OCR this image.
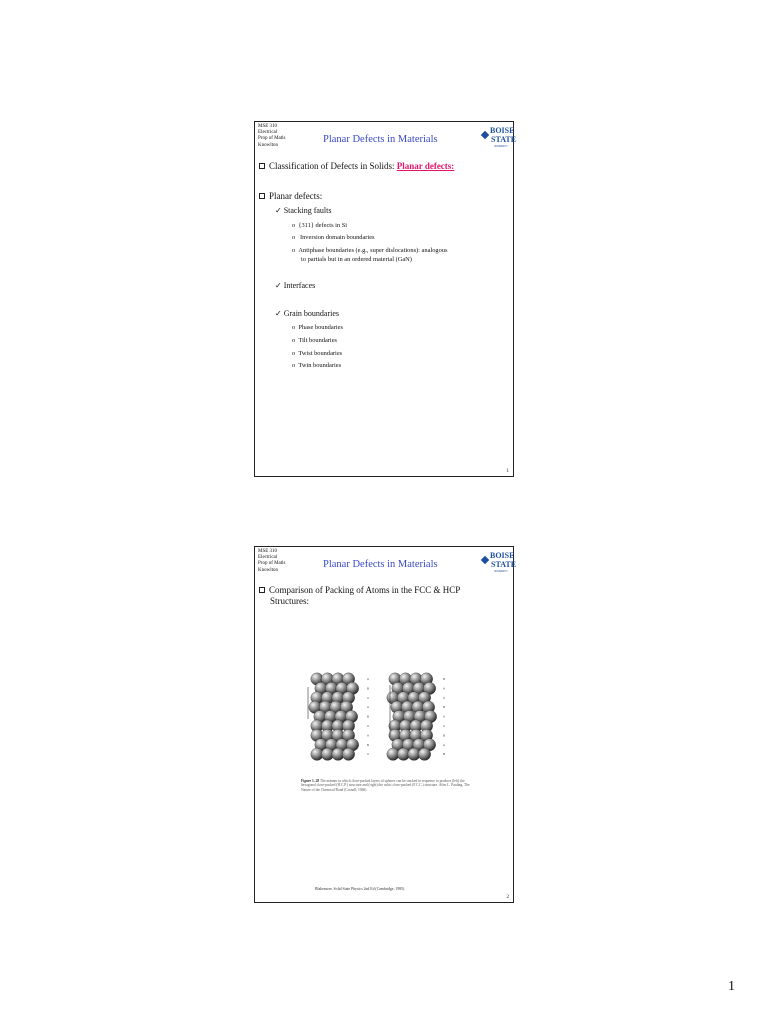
MSE 310
Electrical
Prop of Matls
Knowlton
Planar Defects in Materials
BOISE
STATE
UNIVERSITY
Classification of Defects in Solids: Planar defects:
Planar defects:
✓ Stacking faults
o  {311} defects in Si
o   Inversion domain boundaries
o  Antiphase boundaries (e.g., super dislocations): analogous
to partials but in an ordered material (GaN)
✓ Interfaces
✓ Grain boundaries
o  Phase boundaries
o  Tilt boundaries
o  Twist boundaries
o  Twin boundaries
1
MSE 310
Electrical
Prop of Matls
Knowlton
Planar Defects in Materials
BOISE
STATE
UNIVERSITY
Comparison of Packing of Atoms in the FCC & HCP
Structures:
A
B
C
A
B
C
A
B
C
B
A
C
B
A
C
B
A
B
Figure 1–28 The manner in which close-packed layers of spheres can be stacked in sequence to produce (left) the hexagonal close-packed (H.C.P.) structure and (right) the cubic close-packed (F.C.C.) structure. After L. Pauling, The Nature of the Chemical Bond (Cornell, 1960).
Blakemore, Solid State Physics 2nd Ed (Cambridge, 1985)
2
1
